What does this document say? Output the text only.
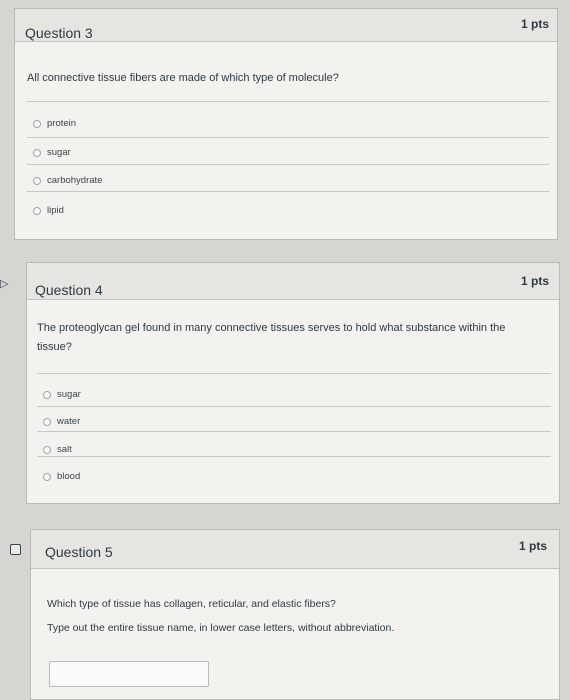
Question 3
1 pts
All connective tissue fibers are made of which type of molecule?
protein
sugar
carbohydrate
lipid
▷ Question 4
1 pts
The proteoglycan gel found in many connective tissues serves to hold what substance within the
tissue?
sugar
water
salt
blood
Question 5	1 pts
Which type of tissue has collagen, reticular, and elastic fibers?
Type out the entire tissue name, in lower case letters, without abbreviation.
